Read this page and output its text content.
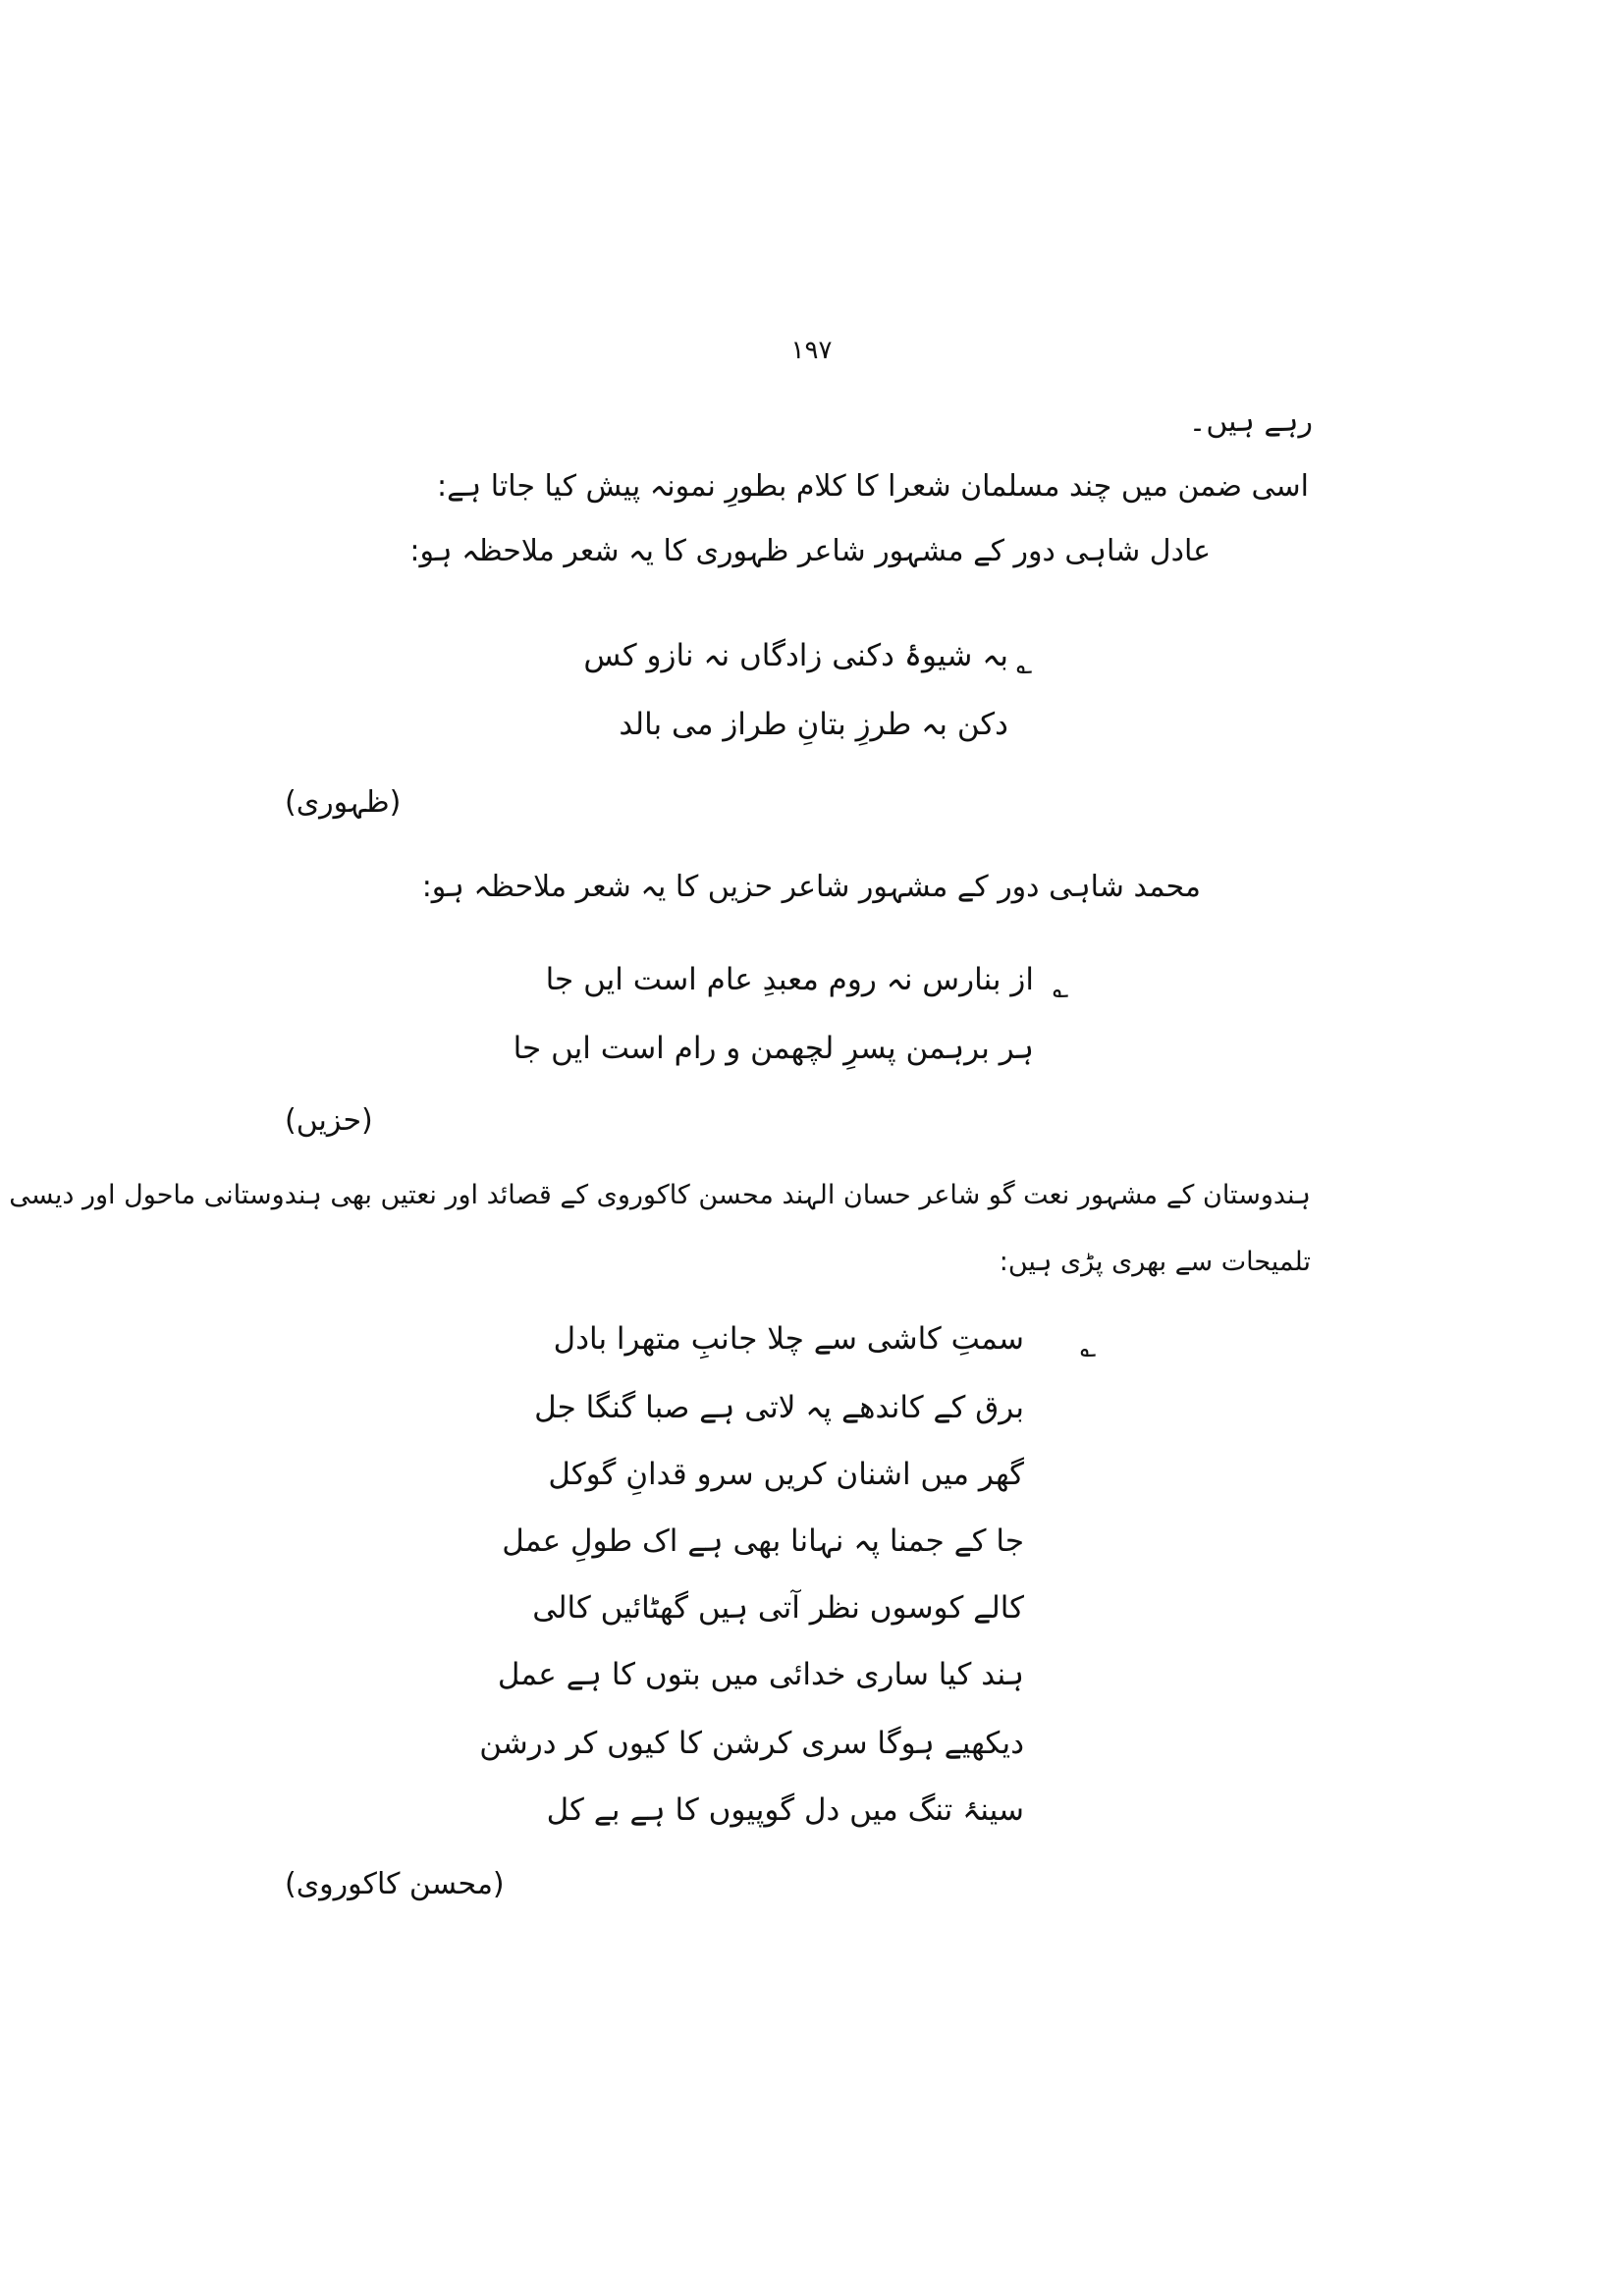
۱۹۷
رہے ہیں۔
اسی ضمن میں چند مسلمان شعرا کا کلام بطورِ نمونہ پیش کیا جاتا ہے:
عادل شاہی دور کے مشہور شاعر ظہوری کا یہ شعر ملاحظہ ہو:
؎
بہ شیوۂ دکنی زادگاں نہ نازو کس
دکن بہ طرزِ بتانِ طراز می بالد
(ظہوری)
محمد شاہی دور کے مشہور شاعر حزیں کا یہ شعر ملاحظہ ہو:
؎
از بنارس نہ روم معبدِ عام است ایں جا
ہر برہمن پسرِ لچھمن و رام است ایں جا
(حزیں)
ہندوستان کے مشہور نعت گو شاعر حسان الہند محسن کاکوروی کے قصائد اور نعتیں بھی ہندوستانی ماحول اور دیسی
تلمیحات سے بھری پڑی ہیں:
؎
سمتِ کاشی سے چلا جانبِ متھرا بادل
برق کے کاندھے پہ لاتی ہے صبا گنگا جل
گھر میں اشنان کریں سرو قدانِ گوکل
جا کے جمنا پہ نہانا بھی ہے اک طولِ عمل
کالے کوسوں نظر آتی ہیں گھٹائیں کالی
ہند کیا ساری خدائی میں بتوں کا ہے عمل
دیکھیے ہوگا سری کرشن کا کیوں کر درشن
سینۂ تنگ میں دل گوپیوں کا ہے بے کل
(محسن کاکوروی)
